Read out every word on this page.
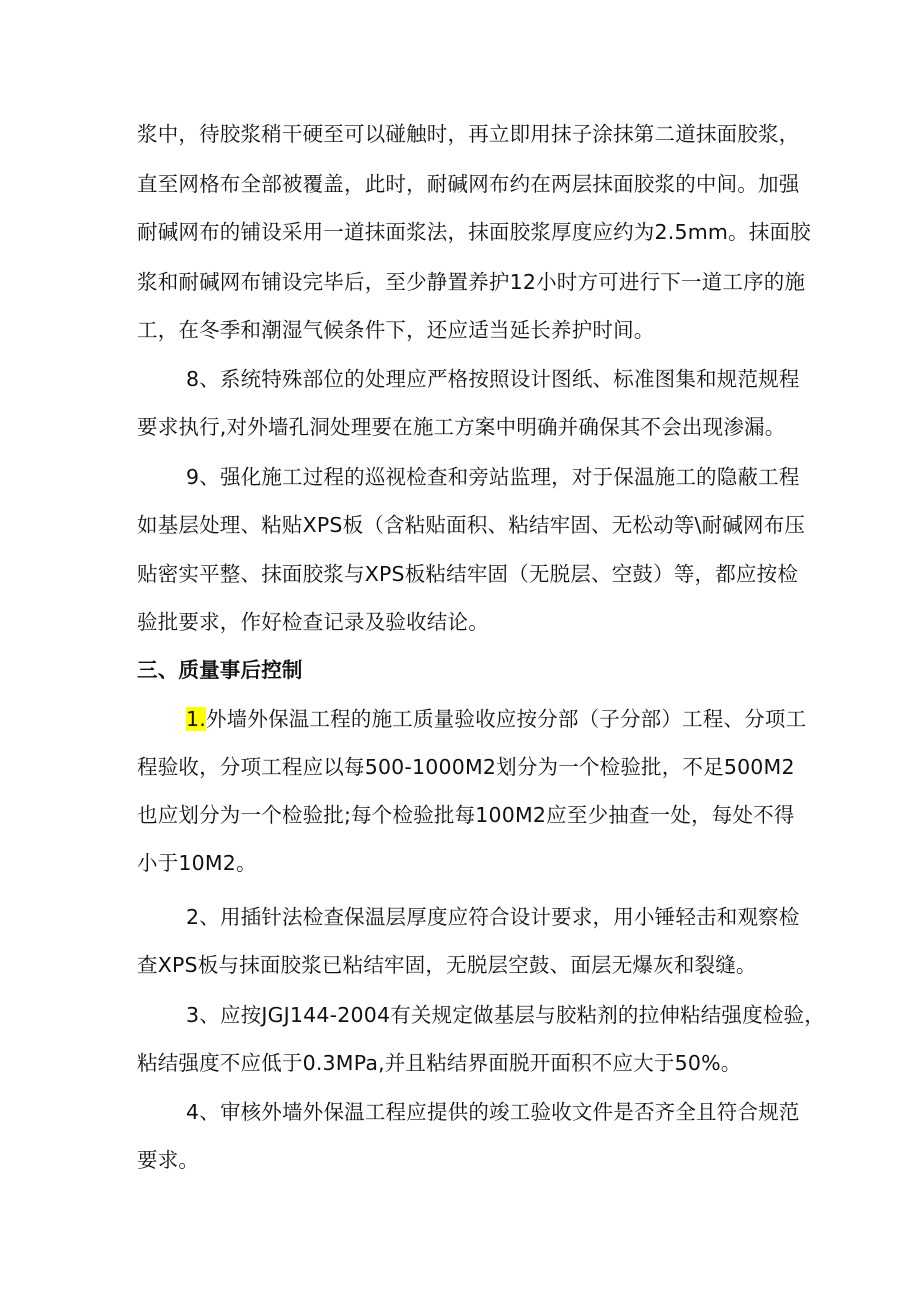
浆中，待胶浆稍干硬至可以碰触时，再立即用抹子涂抹第二道抹面胶浆，
直至网格布全部被覆盖，此时，耐碱网布约在两层抹面胶浆的中间。加强
耐碱网布的铺设采用一道抹面浆法，抹面胶浆厚度应约为2.5mm。抹面胶
浆和耐碱网布铺设完毕后，至少静置养护12小时方可进行下一道工序的施
工，在冬季和潮湿气候条件下，还应适当延长养护时间。
8、系统特殊部位的处理应严格按照设计图纸、标准图集和规范规程
要求执行,对外墙孔洞处理要在施工方案中明确并确保其不会出现渗漏。
9、强化施工过程的巡视检查和旁站监理，对于保温施工的隐蔽工程
如基层处理、粘贴XPS板（含粘贴面积、粘结牢固、无松动等\耐碱网布压
贴密实平整、抹面胶浆与XPS板粘结牢固（无脱层、空鼓）等，都应按检
验批要求，作好检查记录及验收结论。
三、质量事后控制
1.外墙外保温工程的施工质量验收应按分部（子分部）工程、分项工
程验收，分项工程应以每500-1000M2划分为一个检验批，不足500M2
也应划分为一个检验批;每个检验批每100M2应至少抽查一处，每处不得
小于10M2。
2、用插针法检查保温层厚度应符合设计要求，用小锤轻击和观察检
查XPS板与抹面胶浆已粘结牢固，无脱层空鼓、面层无爆灰和裂缝。
3、应按JGJ144-2004有关规定做基层与胶粘剂的拉伸粘结强度检验，
粘结强度不应低于0.3MPa,并且粘结界面脱开面积不应大于50%。
4、审核外墙外保温工程应提供的竣工验收文件是否齐全且符合规范
要求。
